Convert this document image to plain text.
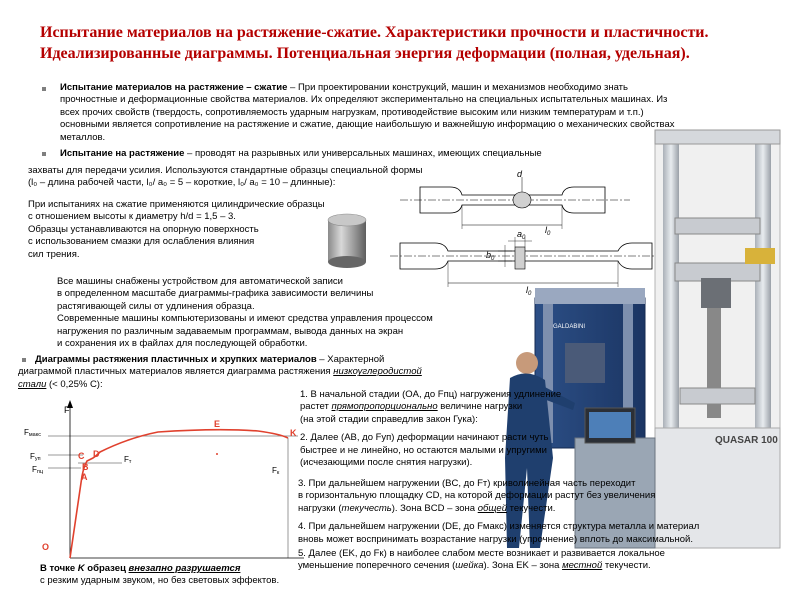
Испытание материалов на растяжение-сжатие. Характеристики прочности и пластичности.
Идеализированные диаграммы. Потенциальная энергия деформации (полная, удельная).
Испытание материалов на растяжение – сжатие – При проектировании конструкций, машин и механизмов необходимо знать
прочностные и деформационные свойства материалов. Их определяют экспериментально на специальных испытательных машинах. Из
всех прочих свойств (твердость, сопротивляемость ударным нагрузкам, противодействие высоким или низким температурам и т.п.)
основными является сопротивление на растяжение и сжатие, дающие наибольшую и важнейшую информацию о механических свойствах
металлов.
Испытание на растяжение – проводят на разрывных или универсальных машинах, имеющих специальные
захваты для передачи усилия. Используются стандартные образцы специальной формы
(l₀ – длина рабочей части, l₀/ a₀ = 5 – короткие, l₀/ a₀ = 10 – длинные):
При испытаниях на сжатие применяются цилиндрические образцы
с отношением высоты к диаметру h/d = 1,5 – 3.
Образцы устанавливаются на опорную поверхность
с использованием смазки для ослабления влияния
сил трения.
d
$l_0$
$a_0$
$b_0$
$l_0$
Все машины снабжены устройством для автоматической записи
в определенном масштабе диаграммы-графика зависимости величины
растягивающей силы от удлинения образца.
Современные машины компьютеризованы и имеют средства управления процессом
нагружения по различным задаваемым программам, вывода данных на экран
и сохранения их в файлах для последующей обработки.
Диаграммы растяжения пластичных и хрупких материалов – Характерной
диаграммой пластичных материалов является диаграмма растяжения низкоуглеродистой
стали (< 0,25% С):
F
Fмакс
Fуп
Fпц
Fт
Fк
O
A
B
C D
E
K
QUASAR 100
GALDABINI
1. В начальной стадии (OA, до Fпц) нагружения удлинение
растет прямопропорционально величине нагрузки
(на этой стадии справедлив закон Гука):
2. Далее (AB, до Fуп) деформации начинают расти чуть
быстрее и не линейно, но остаются малыми и упругими
(исчезающими после снятия нагрузки).
3. При дальнейшем нагружении (BC, до Fт) криволинейная часть переходит
в горизонтальную площадку CD, на которой деформации растут без увеличения
нагрузки (текучесть). Зона BCD – зона общей текучести.
4. При дальнейшем нагружении (DE, до Fмакс) изменяется структура металла и материал
вновь может воспринимать возрастание нагрузки (упрочнение) вплоть до максимальной.
5. Далее (EK, до Fк) в наиболее слабом месте возникает и развивается локальное
уменьшение поперечного сечения (шейка). Зона EK – зона местной текучести.
В точке K образец внезапно разрушается
с резким ударным звуком, но без световых эффектов.
